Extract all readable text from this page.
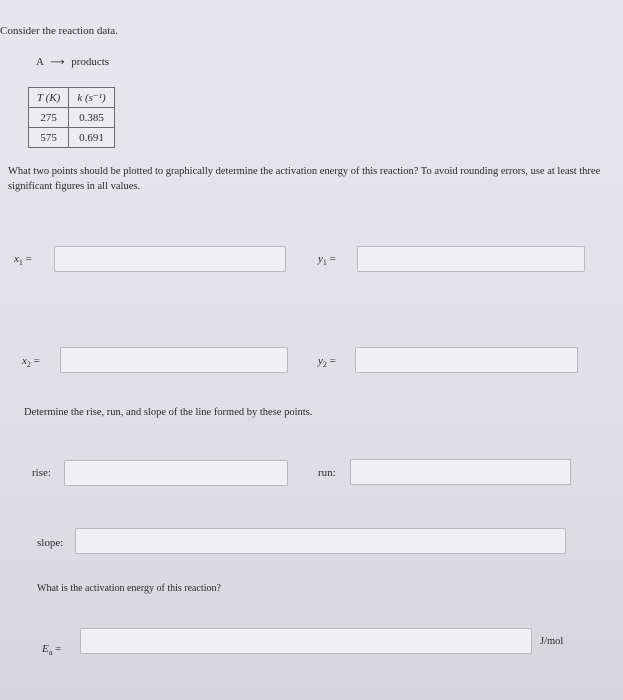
Consider the reaction data.
A ⟶ products
T (K)	k (s⁻¹)
275	0.385
575	0.691
What two points should be plotted to graphically determine the activation energy of this reaction? To avoid rounding errors, use at least three significant figures in all values.
$x_1$ =	$y_1$ =
$x_2$ =	$y_2$ =
Determine the rise, run, and slope of the line formed by these points.
rise:	run:
slope:
What is the activation energy of this reaction?
$E_a$ =
J/mol
